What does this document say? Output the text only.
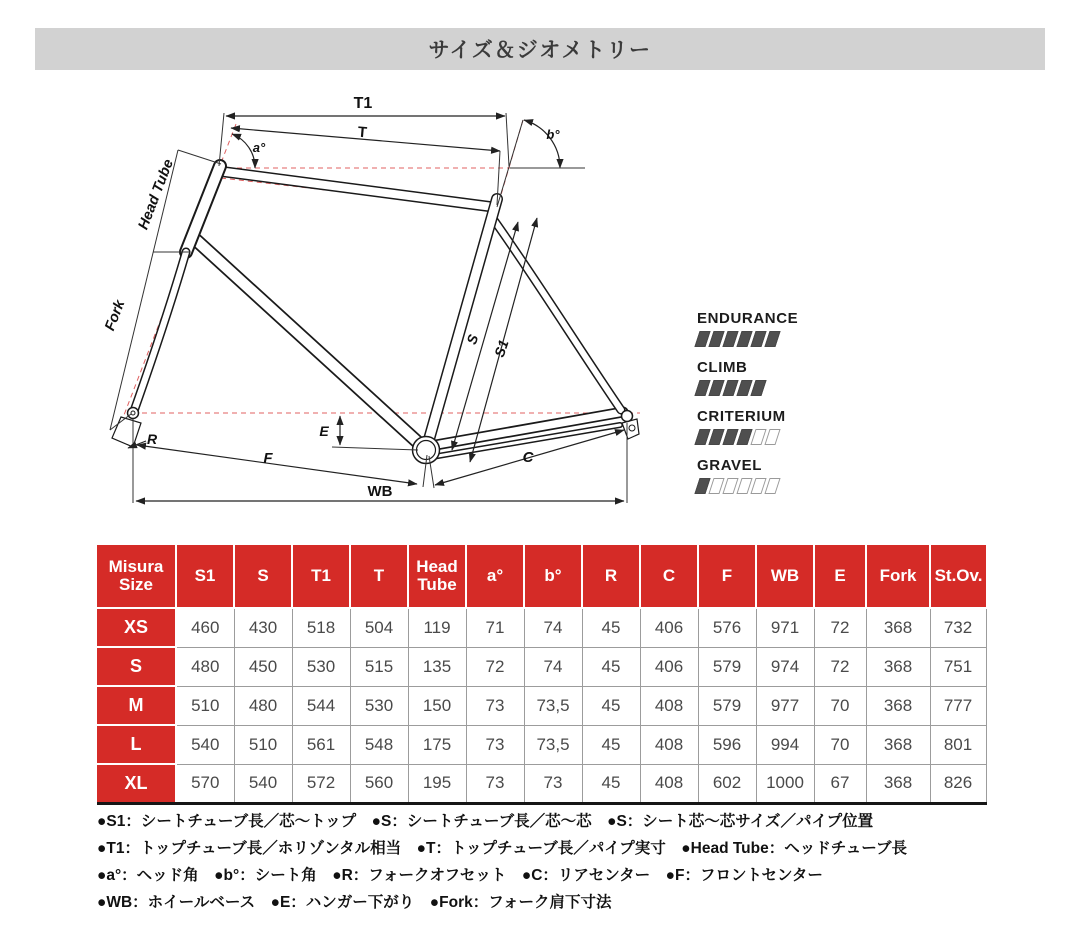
サイズ＆ジオメトリー
T1
T
a°
b°
Head Tube
Fork
R	E
F	C
WB
S S1
ENDURANCE
CLIMB
CRITERIUM
GRAVEL
Misura Size	S1	S	T1	T	Head Tube	a°	b°	R	C	F	WB	E	Fork	St.Ov.
XS	460	430	518	504	119	71	74	45	406	576	971	72	368	732
S	480	450	530	515	135	72	74	45	406	579	974	72	368	751
M	510	480	544	530	150	73	73,5	45	408	579	977	70	368	777
L	540	510	561	548	175	73	73,5	45	408	596	994	70	368	801
XL	570	540	572	560	195	73	73	45	408	602	1000	67	368	826
●S1：シートチューブ長／芯～トップ　●S：シートチューブ長／芯～芯　●S：シート芯～芯サイズ／パイプ位置
●T1：トップチューブ長／ホリゾンタル相当　●T：トップチューブ長／パイプ実寸　●Head Tube：ヘッドチューブ長
●a°：ヘッド角　●b°：シート角　●R：フォークオフセット　●C：リアセンター　●F：フロントセンター
●WB：ホイールベース　●E：ハンガー下がり　●Fork：フォーク肩下寸法
